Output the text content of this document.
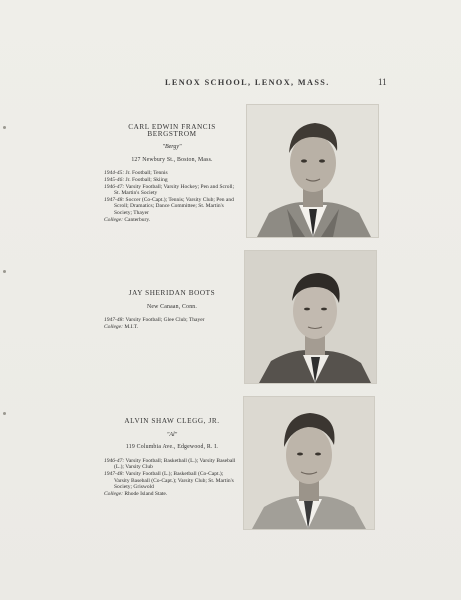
LENOX SCHOOL, LENOX, MASS.	11
CARL EDWIN FRANCIS BERGSTROM
"Bergy"
127 Newbury St., Boston, Mass.

1944-45: Jr. Football; Tennis

1945-46: Jr. Football; Skiing

1946-47: Varsity Football; Varsity Hockey; Pen and Scroll; St. Martin's Society

1947-48: Soccer (Co-Capt.); Tennis; Varsity Club; Pen and Scroll; Dramatics; Dance Committee; St. Martin's Society; Thayer

College: Canterbury.

JAY SHERIDAN BOOTS
New Canaan, Conn.

1947-48: Varsity Football; Glee Club; Thayer

College: M.I.T.

ALVIN SHAW CLEGG, JR.
"Al"
119 Columbia Ave., Edgewood, R. I.

1946-47: Varsity Football; Basketball (L.); Varsity Baseball (L.); Varsity Club

1947-48: Varsity Football (L.); Basketball (Co-Capt.); Varsity Baseball (Co-Capt.); Varsity Club; St. Martin's Society; Griswold

College: Rhode Island State.
